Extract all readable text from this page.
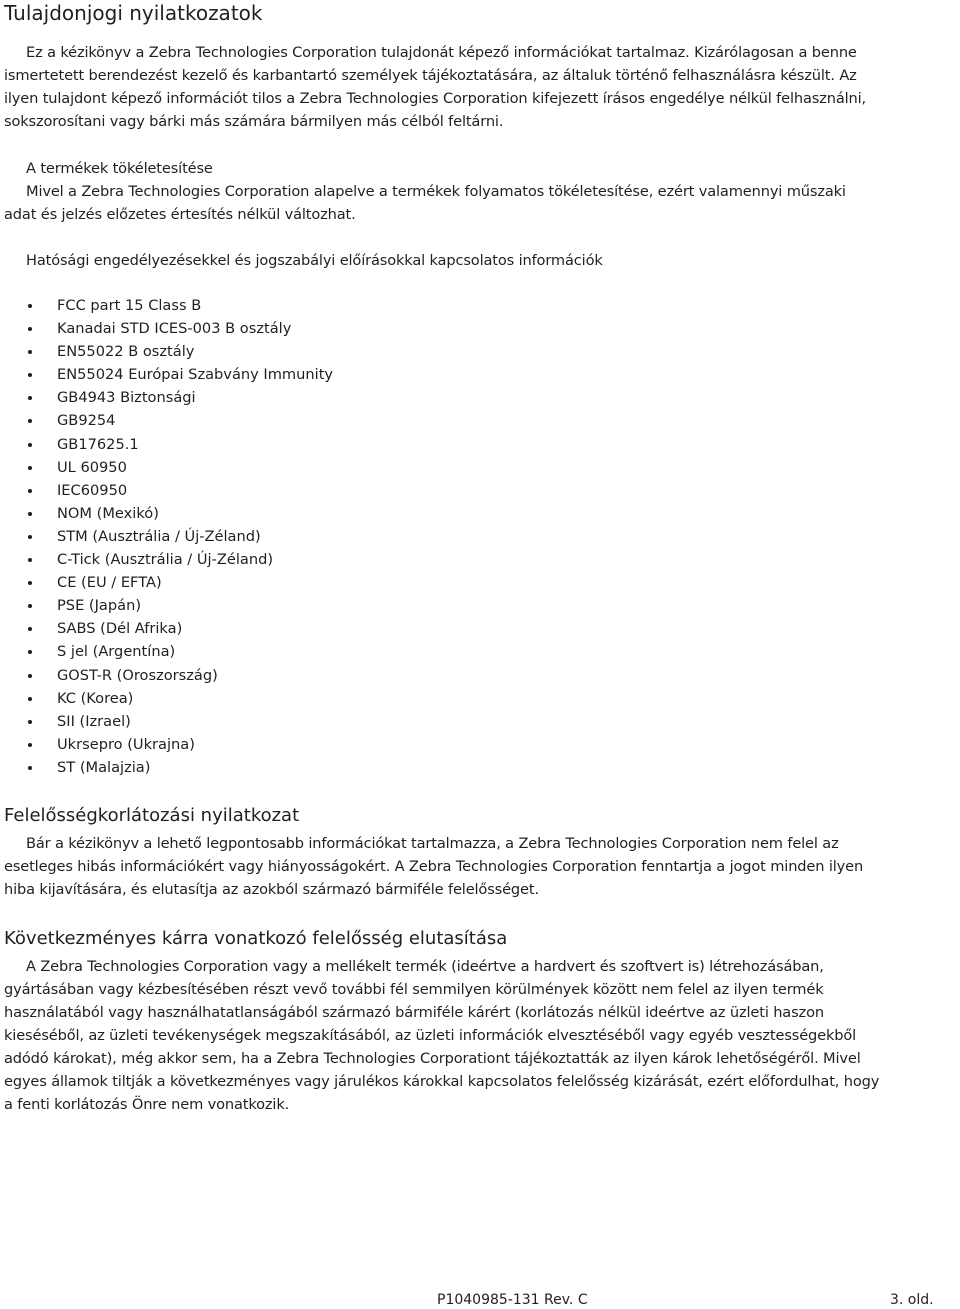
Tulajdonjogi nyilatkozatok
Ez a kézikönyv a Zebra Technologies Corporation tulajdonát képező információkat tartalmaz. Kizárólagosan a benne
ismertetett berendezést kezelő és karbantartó személyek tájékoztatására, az általuk történő felhasználásra készült. Az
ilyen tulajdont képező információt tilos a Zebra Technologies Corporation kifejezett írásos engedélye nélkül felhasználni,
sokszorosítani vagy bárki más számára bármilyen más célból feltárni.
A termékek tökéletesítése
Mivel a Zebra Technologies Corporation alapelve a termékek folyamatos tökéletesítése, ezért valamennyi műszaki
adat és jelzés előzetes értesítés nélkül változhat.
Hatósági engedélyezésekkel és jogszabályi előírásokkal kapcsolatos információk
FCC part 15 Class B
Kanadai STD ICES-003 B osztály
EN55022 B osztály
EN55024 Európai Szabvány Immunity
GB4943 Biztonsági
GB9254
GB17625.1
UL 60950
IEC60950
NOM (Mexikó)
STM (Ausztrália / Új-Zéland)
C-Tick (Ausztrália / Új-Zéland)
CE (EU / EFTA)
PSE (Japán)
SABS (Dél Afrika)
S jel (Argentína)
GOST-R (Oroszország)
KC (Korea)
SII (Izrael)
Ukrsepro (Ukrajna)
ST (Malajzia)
Felelősségkorlátozási nyilatkozat
Bár a kézikönyv a lehető legpontosabb információkat tartalmazza, a Zebra Technologies Corporation nem felel az
esetleges hibás információkért vagy hiányosságokért. A Zebra Technologies Corporation fenntartja a jogot minden ilyen
hiba kijavítására, és elutasítja az azokból származó bármiféle felelősséget.
Következményes kárra vonatkozó felelősség elutasítása
A Zebra Technologies Corporation vagy a mellékelt termék (ideértve a hardvert és szoftvert is) létrehozásában,
gyártásában vagy kézbesítésében részt vevő további fél semmilyen körülmények között nem felel az ilyen termék
használatából vagy használhatatlanságából származó bármiféle kárért (korlátozás nélkül ideértve az üzleti haszon
kieséséből, az üzleti tevékenységek megszakításából, az üzleti információk elvesztéséből vagy egyéb vesztességekből
adódó károkat), még akkor sem, ha a Zebra Technologies Corporationt tájékoztatták az ilyen károk lehetőségéről. Mivel
egyes államok tiltják a következményes vagy járulékos károkkal kapcsolatos felelősség kizárását, ezért előfordulhat, hogy
a fenti korlátozás Önre nem vonatkozik.
P1040985-131 Rev. C	3. old.
